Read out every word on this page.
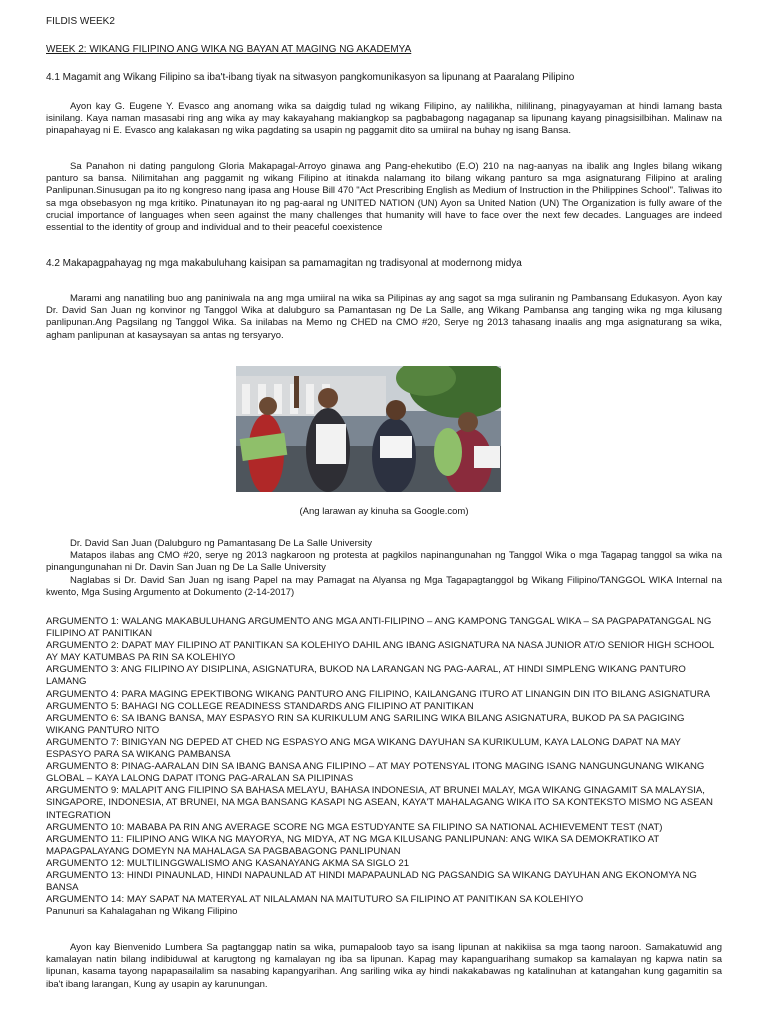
FILDIS WEEK2
WEEK 2: WIKANG FILIPINO ANG WIKA NG BAYAN AT MAGING NG AKADEMYA
4.1 Magamit ang Wikang Filipino sa iba't-ibang tiyak na sitwasyon pangkomunikasyon sa lipunang at Paaralang Pilipino
Ayon kay G. Eugene Y. Evasco ang anomang wika sa daigdig tulad ng wikang Filipino, ay nalilikha, nililinang, pinagyayaman at hindi lamang basta isinilang. Kaya naman masasabi ring ang wika ay may kakayahang makiangkop sa pagbabagong nagaganap sa lipunang kayang pinagsisilbihan. Malinaw na pinapahayag ni E. Evasco ang kalakasan ng wika pagdating sa usapin ng paggamit dito sa umiiral na buhay ng isang Bansa.
Sa Panahon ni dating pangulong Gloria Makapagal-Arroyo ginawa ang Pang-ehekutibo (E.O) 210 na nag-aanyas na ibalik ang Ingles bilang wikang panturo sa bansa. Nilimitahan ang paggamit ng wikang Filipino at itinakda nalamang ito bilang wikang panturo sa mga asignaturang Filipino at araling Panlipunan.Sinusugan pa ito ng kongreso nang ipasa ang House Bill 470 "Act Prescribing English as Medium of Instruction in the Philippines School". Taliwas ito sa mga obsebasyon ng mga kritiko. Pinatunayan ito ng pag-aaral ng UNITED NATION (UN) Ayon sa United Nation (UN) The Organization is fully aware of the crucial importance of languages when seen against the many challenges that humanity will have to face over the next few decades. Languages are indeed essential to the identity of group and individual and to their peaceful coexistence
4.2 Makapagpahayag ng mga makabuluhang kaisipan sa pamamagitan ng tradisyonal at modernong midya
Marami ang nanatiling buo ang paniniwala na ang mga umiiral na wika sa Pilipinas ay ang sagot sa mga suliranin ng Pambansang Edukasyon. Ayon kay Dr. David San Juan ng konvinor ng Tanggol Wika at dalubguro sa Pamantasan ng De La Salle, ang Wikang Pambansa ang tanging wika ng mga kilusang panlipunan.Ang Pagsilang ng Tanggol Wika. Sa inilabas na Memo ng CHED na CMO #20, Serye ng 2013 tahasang inaalis ang mga asignaturang sa wika, agham panlipunan at kasaysayan sa antas ng tersyaryo.
(Ang larawan ay kinuha sa Google.com)
Dr. David San Juan (Dalubguro ng Pamantasang De La Salle University
Matapos ilabas ang CMO #20, serye ng 2013 nagkaroon ng protesta at pagkilos napinangunahan ng Tanggol Wika o mga Tagapag tanggol sa wika na pinangungunahan ni Dr. Davin San Juan ng De La Salle University
Naglabas si Dr. David San Juan ng isang Papel na may Pamagat na Alyansa ng Mga Tagapagtanggol bg Wikang Filipino/TANGGOL WIKA Internal na kwento, Mga Susing Argumento at Dokumento (2-14-2017)
ARGUMENTO 1: WALANG MAKABULUHANG ARGUMENTO ANG MGA ANTI-FILIPINO – ANG KAMPONG TANGGAL WIKA – SA PAGPAPATANGGAL NG FILIPINO AT PANITIKAN
ARGUMENTO 2: DAPAT MAY FILIPINO AT PANITIKAN SA KOLEHIYO DAHIL ANG IBANG ASIGNATURA NA NASA JUNIOR AT/O SENIOR HIGH SCHOOL AY MAY KATUMBAS PA RIN SA KOLEHIYO
ARGUMENTO 3: ANG FILIPINO AY DISIPLINA, ASIGNATURA, BUKOD NA LARANGAN NG PAG-AARAL, AT HINDI SIMPLENG WIKANG PANTURO LAMANG
ARGUMENTO 4: PARA MAGING EPEKTIBONG WIKANG PANTURO ANG FILIPINO, KAILANGANG ITURO AT LINANGIN DIN ITO BILANG ASIGNATURA
ARGUMENTO 5: BAHAGI NG COLLEGE READINESS STANDARDS ANG FILIPINO AT PANITIKAN
ARGUMENTO 6: SA IBANG BANSA, MAY ESPASYO RIN SA KURIKULUM ANG SARILING WIKA BILANG ASIGNATURA, BUKOD PA SA PAGIGING WIKANG PANTURO NITO
ARGUMENTO 7: BINIGYAN NG DEPED AT CHED NG ESPASYO ANG MGA WIKANG DAYUHAN SA KURIKULUM, KAYA LALONG DAPAT NA MAY ESPASYO PARA SA WIKANG PAMBANSA
ARGUMENTO 8: PINAG-AARALAN DIN SA IBANG BANSA ANG FILIPINO – AT MAY POTENSYAL ITONG MAGING ISANG NANGUNGUNANG WIKANG GLOBAL – KAYA LALONG DAPAT ITONG PAG-ARALAN SA PILIPINAS
ARGUMENTO 9: MALAPIT ANG FILIPINO SA BAHASA MELAYU, BAHASA INDONESIA, AT BRUNEI MALAY, MGA WIKANG GINAGAMIT SA MALAYSIA, SINGAPORE, INDONESIA, AT BRUNEI, NA MGA BANSANG KASAPI NG ASEAN, KAYA'T MAHALAGANG WIKA ITO SA KONTEKSTO MISMO NG ASEAN INTEGRATION
ARGUMENTO 10: MABABA PA RIN ANG AVERAGE SCORE NG MGA ESTUDYANTE SA FILIPINO SA NATIONAL ACHIEVEMENT TEST (NAT)
ARGUMENTO 11: FILIPINO ANG WIKA NG MAYORYA, NG MIDYA, AT NG MGA KILUSANG PANLIPUNAN: ANG WIKA SA DEMOKRATIKO AT MAPAGPALAYANG DOMEYN NA MAHALAGA SA PAGBABAGONG PANLIPUNAN
ARGUMENTO 12: MULTILINGGWALISMO ANG KASANAYANG AKMA SA SIGLO 21
ARGUMENTO 13: HINDI PINAUNLAD, HINDI NAPAUNLAD AT HINDI MAPAPAUNLAD NG PAGSANDIG SA WIKANG DAYUHAN ANG EKONOMYA NG BANSA
ARGUMENTO 14: MAY SAPAT NA MATERYAL AT NILALAMAN NA MAITUTURO SA FILIPINO AT PANITIKAN SA KOLEHIYO
Panunuri sa Kahalagahan ng Wikang Filipino
Ayon kay Bienvenido Lumbera Sa pagtanggap natin sa wika, pumapaloob tayo sa isang lipunan at nakikiisa sa mga taong naroon. Samakatuwid ang kamalayan natin bilang indibiduwal at karugtong ng kamalayan ng iba sa lipunan. Kapag may kapanguarihang sumakop sa kamalayan ng kapwa natin sa lipunan, kasama tayong napapasailalim sa nasabing kapangyarihan. Ang sariling wika ay hindi nakakabawas ng katalinuhan at katangahan kung gagamitin sa iba't ibang larangan, Kung ay usapin ay karunungan.
